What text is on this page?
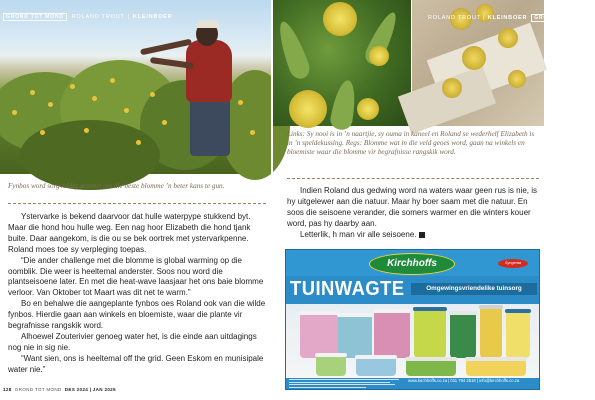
GROND TOT MOND ROLAND TROUT | KLEINBOER
Fynbos word sorgvuldig gesnoei om die beste blomme ’n beter kans te gun.

Ystervarke is bekend daarvoor dat hulle waterpype stukkend byt. Maar die hond hou hulle weg. Een nag hoor Elizabeth die hond tjank buite. Daar aangekom, is die ou se bek oortrek met ystervarkpenne. Roland moes toe sy verpleging toepas.

“Die ander challenge met die blomme is global warming op die oomblik. Die weer is heeltemal anderster. Soos nou word die plantseisoene later. En met die heat-wave laasjaar het ons baie blomme verloor. Van Oktober tot Maart was dit net te warm.”

Bo en behalwe die aangeplante fynbos oes Roland ook van die wilde fynbos. Hierdie gaan aan winkels en bloemiste, waar die plante vir begrafnisse rangskik word.

Alhoewel Zouterivier genoeg water het, is die einde aan uitdagings nog nie in sig nie.

“Want sien, ons is heeltemal off the grid. Geen Eskom en munisipale water nie.”

128 GROND TOT MOND DES 2024 | JAN 2025
ROLAND TROUT | KLEINBOER GROND TOT MOND
Links: Sy nooi is in ’n naartjie, sy ouma in kaneel en Roland se wederhelf Elizabeth is in ’n speldekussing. Regs: Blomme wat in die veld geoes word, gaan na winkels en bloemiste waar die blomme vir begrafnisse rangskik word.

Indien Roland dus gedwing word na waters waar geen rus is nie, is hy uitgelewer aan die natuur. Maar hy boer saam met die natuur. En soos die seisoene verander, die somers warmer en die winters kouer word, pas hy daarby aan.

Letterlik, h man vir alle seisoene.	■

Kirchhoffs	Syngenta
TUINWAGTE	Omgewingsvriendelike tuinsorg
www.kirchhoffs.co.za | 011 794 2516 | info@kirchhoffs.co.za
